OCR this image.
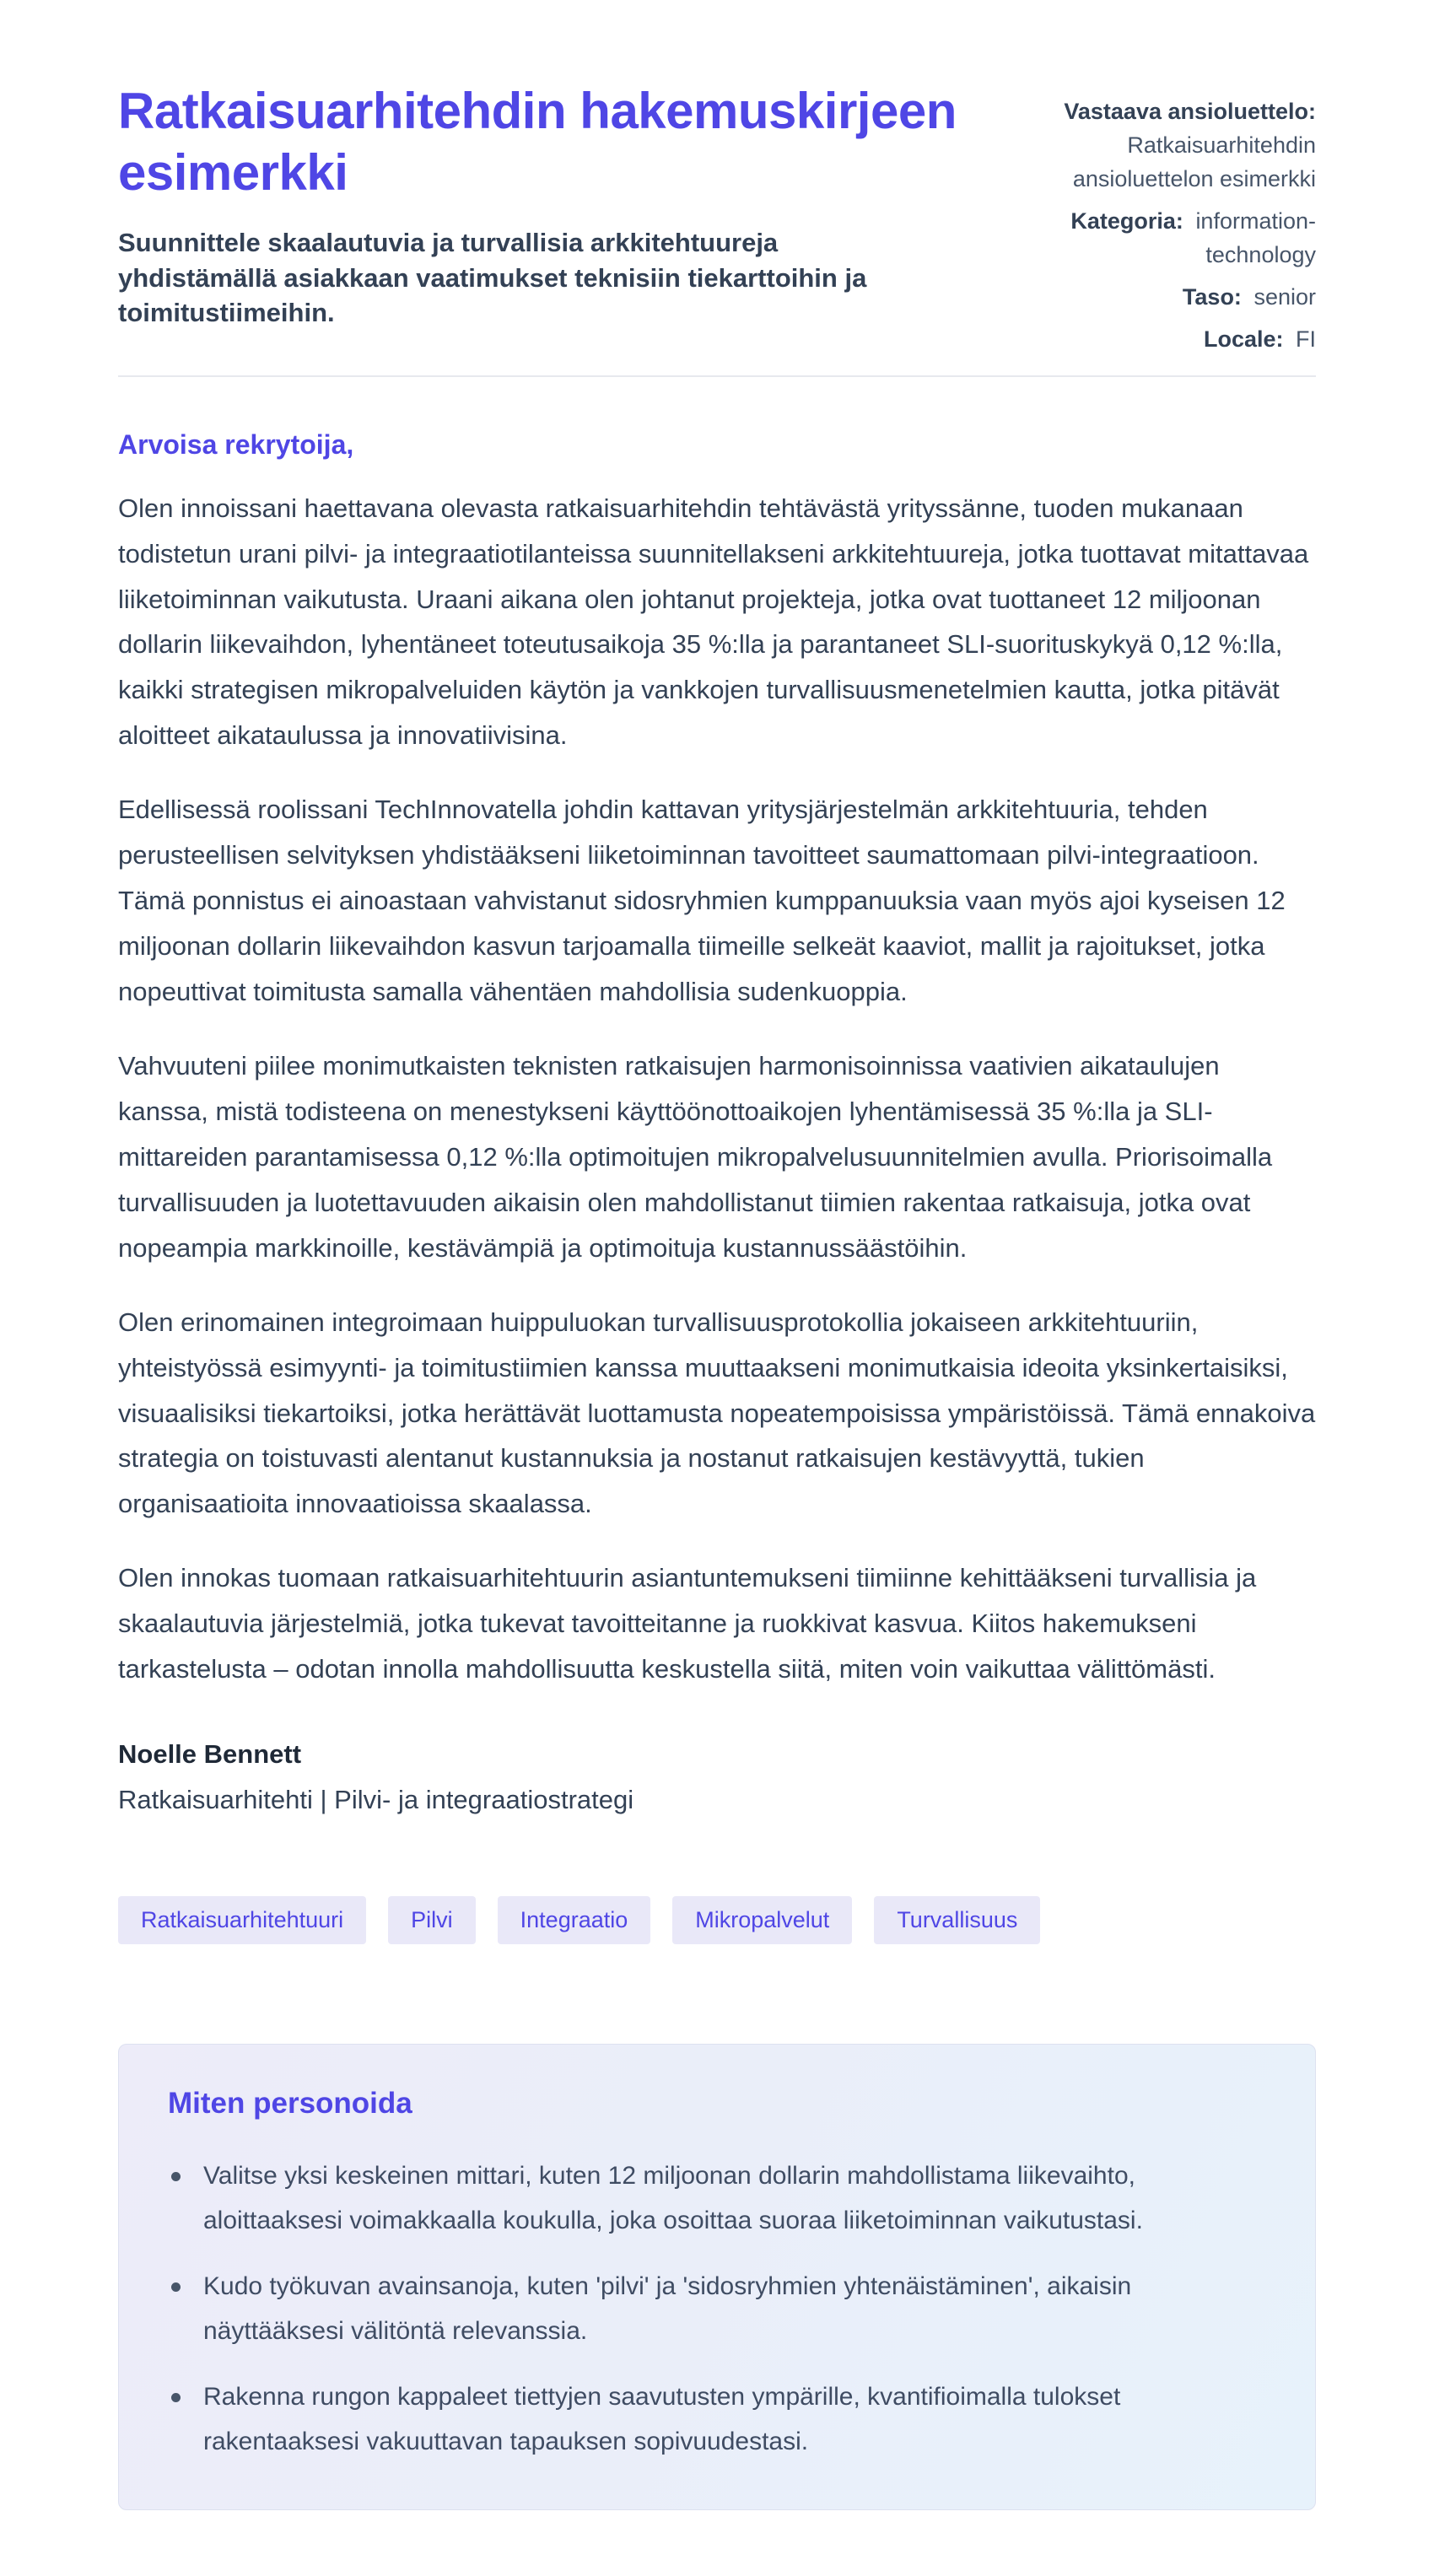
Ratkaisuarhitehdin hakemuskirjeen esimerkki

Suunnittele skaalautuvia ja turvallisia arkkitehtuureja yhdistämällä asiakkaan vaatimukset teknisiin tiekarttoihin ja toimitustiimeihin.

Vastaava ansioluettelo:
Ratkaisuarhitehdin ansioluettelon esimerkki
Kategoria: information-technology
Taso: senior
Locale: FI

Arvoisa rekrytoija,

Olen innoissani haettavana olevasta ratkaisuarhitehdin tehtävästä yrityssänne, tuoden mukanaan todistetun urani pilvi- ja integraatiotilanteissa suunnitellakseni arkkitehtuureja, jotka tuottavat mitattavaa liiketoiminnan vaikutusta. Uraani aikana olen johtanut projekteja, jotka ovat tuottaneet 12 miljoonan dollarin liikevaihdon, lyhentäneet toteutusaikoja 35 %:lla ja parantaneet SLI-suorituskykyä 0,12 %:lla, kaikki strategisen mikropalveluiden käytön ja vankkojen turvallisuusmenetelmien kautta, jotka pitävät aloitteet aikataulussa ja innovatiivisina.

Edellisessä roolissani TechInnovatella johdin kattavan yritysjärjestelmän arkkitehtuuria, tehden perusteellisen selvityksen yhdistääkseni liiketoiminnan tavoitteet saumattomaan pilvi-integraatioon. Tämä ponnistus ei ainoastaan vahvistanut sidosryhmien kumppanuuksia vaan myös ajoi kyseisen 12 miljoonan dollarin liikevaihdon kasvun tarjoamalla tiimeille selkeät kaaviot, mallit ja rajoitukset, jotka nopeuttivat toimitusta samalla vähentäen mahdollisia sudenkuoppia.

Vahvuuteni piilee monimutkaisten teknisten ratkaisujen harmonisoinnissa vaativien aikataulujen kanssa, mistä todisteena on menestykseni käyttöönottoaikojen lyhentämisessä 35 %:lla ja SLI-mittareiden parantamisessa 0,12 %:lla optimoitujen mikropalvelusuunnitelmien avulla. Priorisoimalla turvallisuuden ja luotettavuuden aikaisin olen mahdollistanut tiimien rakentaa ratkaisuja, jotka ovat nopeampia markkinoille, kestävämpiä ja optimoituja kustannussäästöihin.

Olen erinomainen integroimaan huippuluokan turvallisuusprotokollia jokaiseen arkkitehtuuriin, yhteistyössä esimyynti- ja toimitustiimien kanssa muuttaakseni monimutkaisia ideoita yksinkertaisiksi, visuaalisiksi tiekartoiksi, jotka herättävät luottamusta nopeatempoisissa ympäristöissä. Tämä ennakoiva strategia on toistuvasti alentanut kustannuksia ja nostanut ratkaisujen kestävyyttä, tukien organisaatioita innovaatioissa skaalassa.

Olen innokas tuomaan ratkaisuarhitehtuurin asiantuntemukseni tiimiinne kehittääkseni turvallisia ja skaalautuvia järjestelmiä, jotka tukevat tavoitteitanne ja ruokkivat kasvua. Kiitos hakemukseni tarkastelusta – odotan innolla mahdollisuutta keskustella siitä, miten voin vaikuttaa välittömästi.

Noelle Bennett

Ratkaisuarhitehti | Pilvi- ja integraatiostrategi

Ratkaisuarhitehtuuri	Pilvi	Integraatio	Mikropalvelut	Turvallisuus
Miten personoida
Valitse yksi keskeinen mittari, kuten 12 miljoonan dollarin mahdollistama liikevaihto, aloittaaksesi voimakkaalla koukulla, joka osoittaa suoraa liiketoiminnan vaikutustasi.
Kudo työkuvan avainsanoja, kuten 'pilvi' ja 'sidosryhmien yhtenäistäminen', aikaisin näyttääksesi välitöntä relevanssia.
Rakenna rungon kappaleet tiettyjen saavutusten ympärille, kvantifioimalla tulokset rakentaaksesi vakuuttavan tapauksen sopivuudestasi.
